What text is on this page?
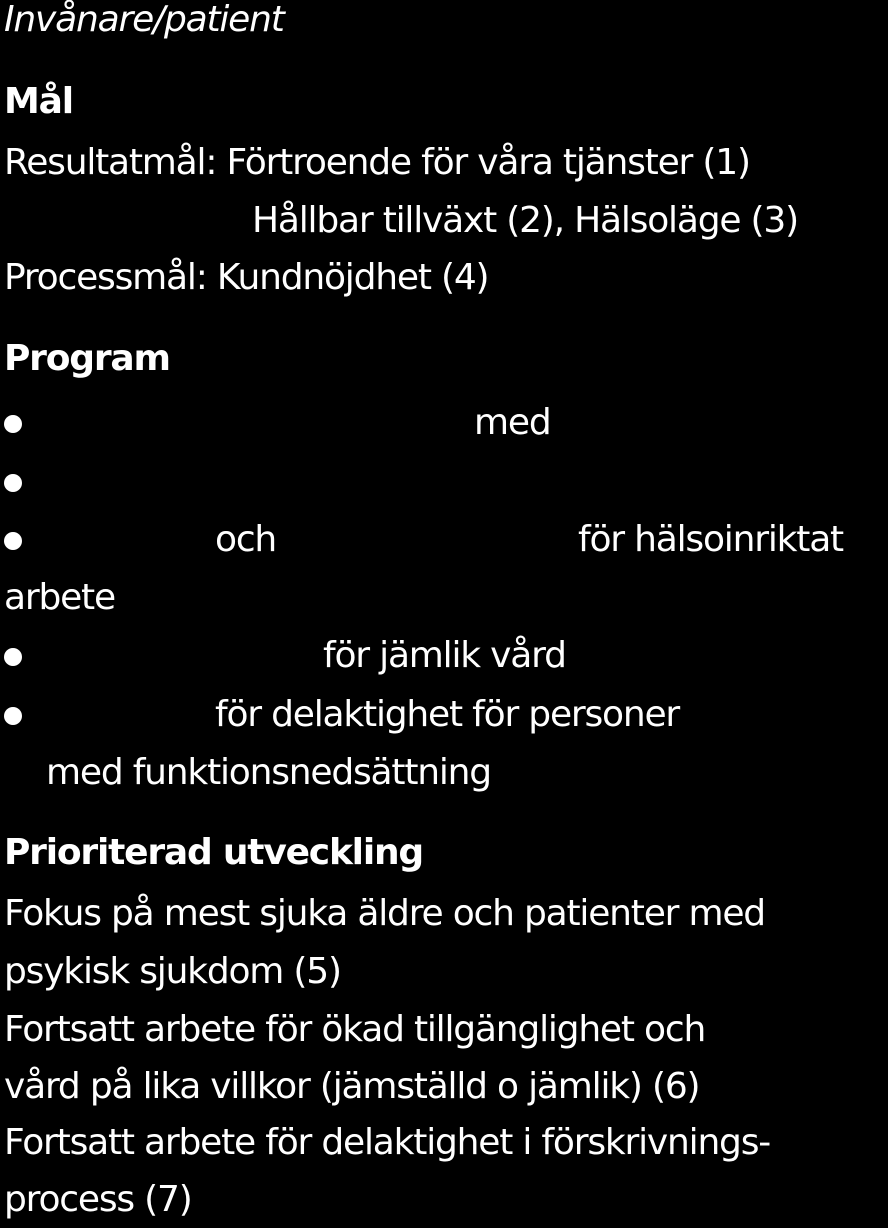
Invånare/patient
Mål
Resultatmål: Förtroende för våra tjänster (1)
Hållbar tillväxt (2), Hälsoläge (3)
Processmål: Kundnöjdhet (4)
Program
med
och	för hälsoinriktat
arbete
för jämlik vård
för delaktighet för personer
med funktionsnedsättning
Prioriterad utveckling
Fokus på mest sjuka äldre och patienter med
psykisk sjukdom (5)
Fortsatt arbete för ökad tillgänglighet och
vård på lika villkor (jämställd o jämlik) (6)
Fortsatt arbete för delaktighet i förskrivnings-
process (7)
